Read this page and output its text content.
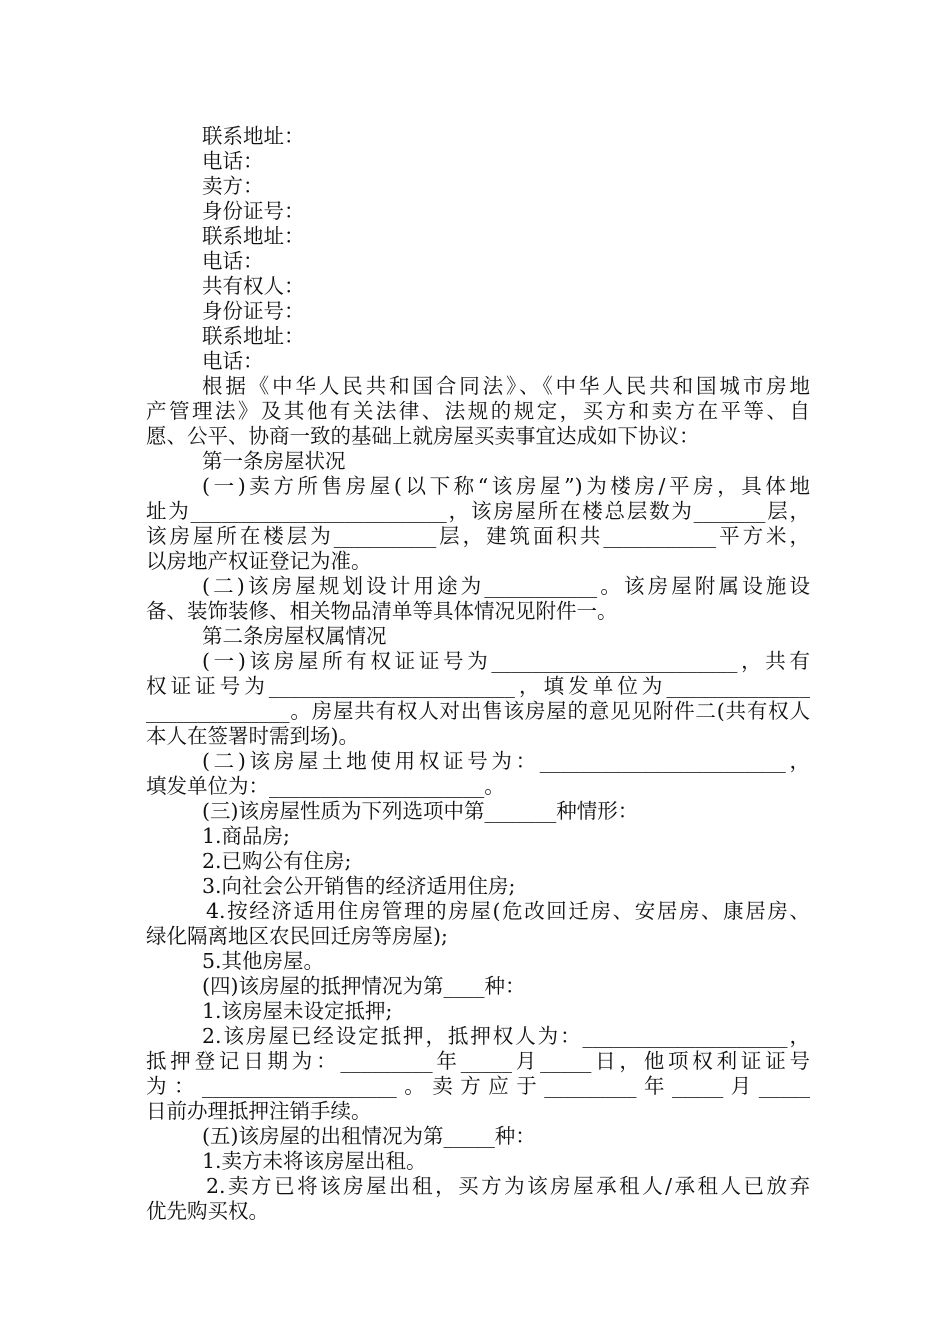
联系地址：

电话：

卖方：

身份证号：

联系地址：

电话：

共有权人：

身份证号：

联系地址：

电话：

根据《中华人民共和国合同法》、《中华人民共和国城市房地

产管理法》及其他有关法律、法规的规定，买方和卖方在平等、自

愿、公平、协商一致的基础上就房屋买卖事宜达成如下协议：

第一条房屋状况

(一)卖方所售房屋(以下称“该房屋”)为楼房/平房，具体地

址为_________________________，该房屋所在楼总层数为_______层，

该房屋所在楼层为__________层，建筑面积共___________平方米，

以房地产权证登记为准。

(二)该房屋规划设计用途为___________。该房屋附属设施设

备、装饰装修、相关物品清单等具体情况见附件一。

第二条房屋权属情况

(一)该房屋所有权证证号为________________________，共有

权证证号为________________________，填发单位为______________

______________。房屋共有权人对出售该房屋的意见见附件二(共有权人

本人在签署时需到场)。

(二)该房屋土地使用权证号为：________________________，

填发单位为：_____________________。

(三)该房屋性质为下列选项中第_______种情形：

1.商品房;

2.已购公有住房;

3.向社会公开销售的经济适用住房;

4.按经济适用住房管理的房屋(危改回迁房、安居房、康居房、

绿化隔离地区农民回迁房等房屋);

5.其他房屋。

(四)该房屋的抵押情况为第____种：

1.该房屋未设定抵押;

2.该房屋已经设定抵押，抵押权人为：____________________，

抵押登记日期为：_________年_____月_____日，他项权利证证号

为：___________________。卖方应于_________年_____月_____

日前办理抵押注销手续。

(五)该房屋的出租情况为第_____种：

1.卖方未将该房屋出租。

2.卖方已将该房屋出租，买方为该房屋承租人/承租人已放弃

优先购买权。
